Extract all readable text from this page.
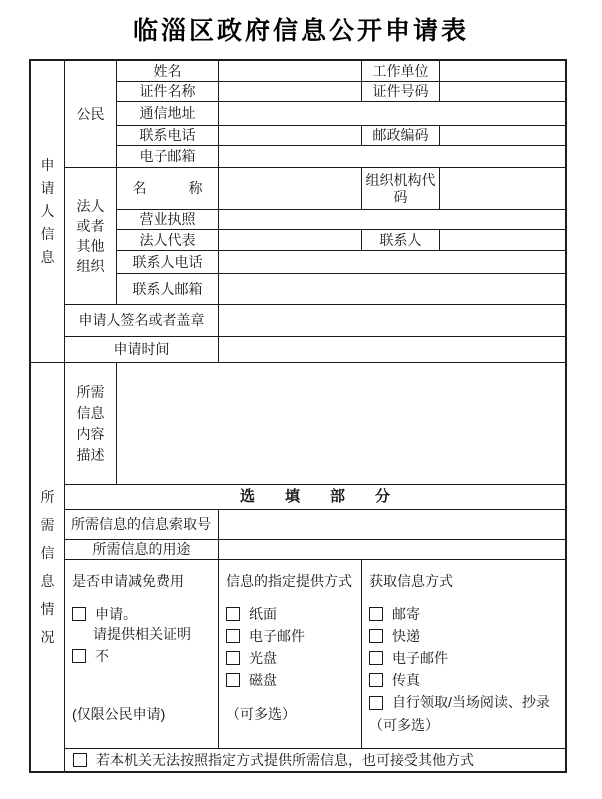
临淄区政府信息公开申请表
申请人信息
公民
姓名	工作单位
证件名称	证件号码
通信地址
联系电话	邮政编码
电子邮箱
法人或者其他组织
名　　　称
组织机构代码
营业执照
法人代表	联系人
联系人电话
联系人邮箱
申请人签名或者盖章
申请时间
所需信息情况
所需信息内容描述
选　　填　　部　　分
所需信息的信息索取号
所需信息的用途
是否申请减免费用
申请。
请提供相关证明
不
(仅限公民申请)
信息的指定提供方式
纸面
电子邮件
光盘
磁盘
（可多选）
获取信息方式
邮寄
快递
电子邮件
传真
自行领取/当场阅读、抄录
（可多选）
若本机关无法按照指定方式提供所需信息，也可接受其他方式
